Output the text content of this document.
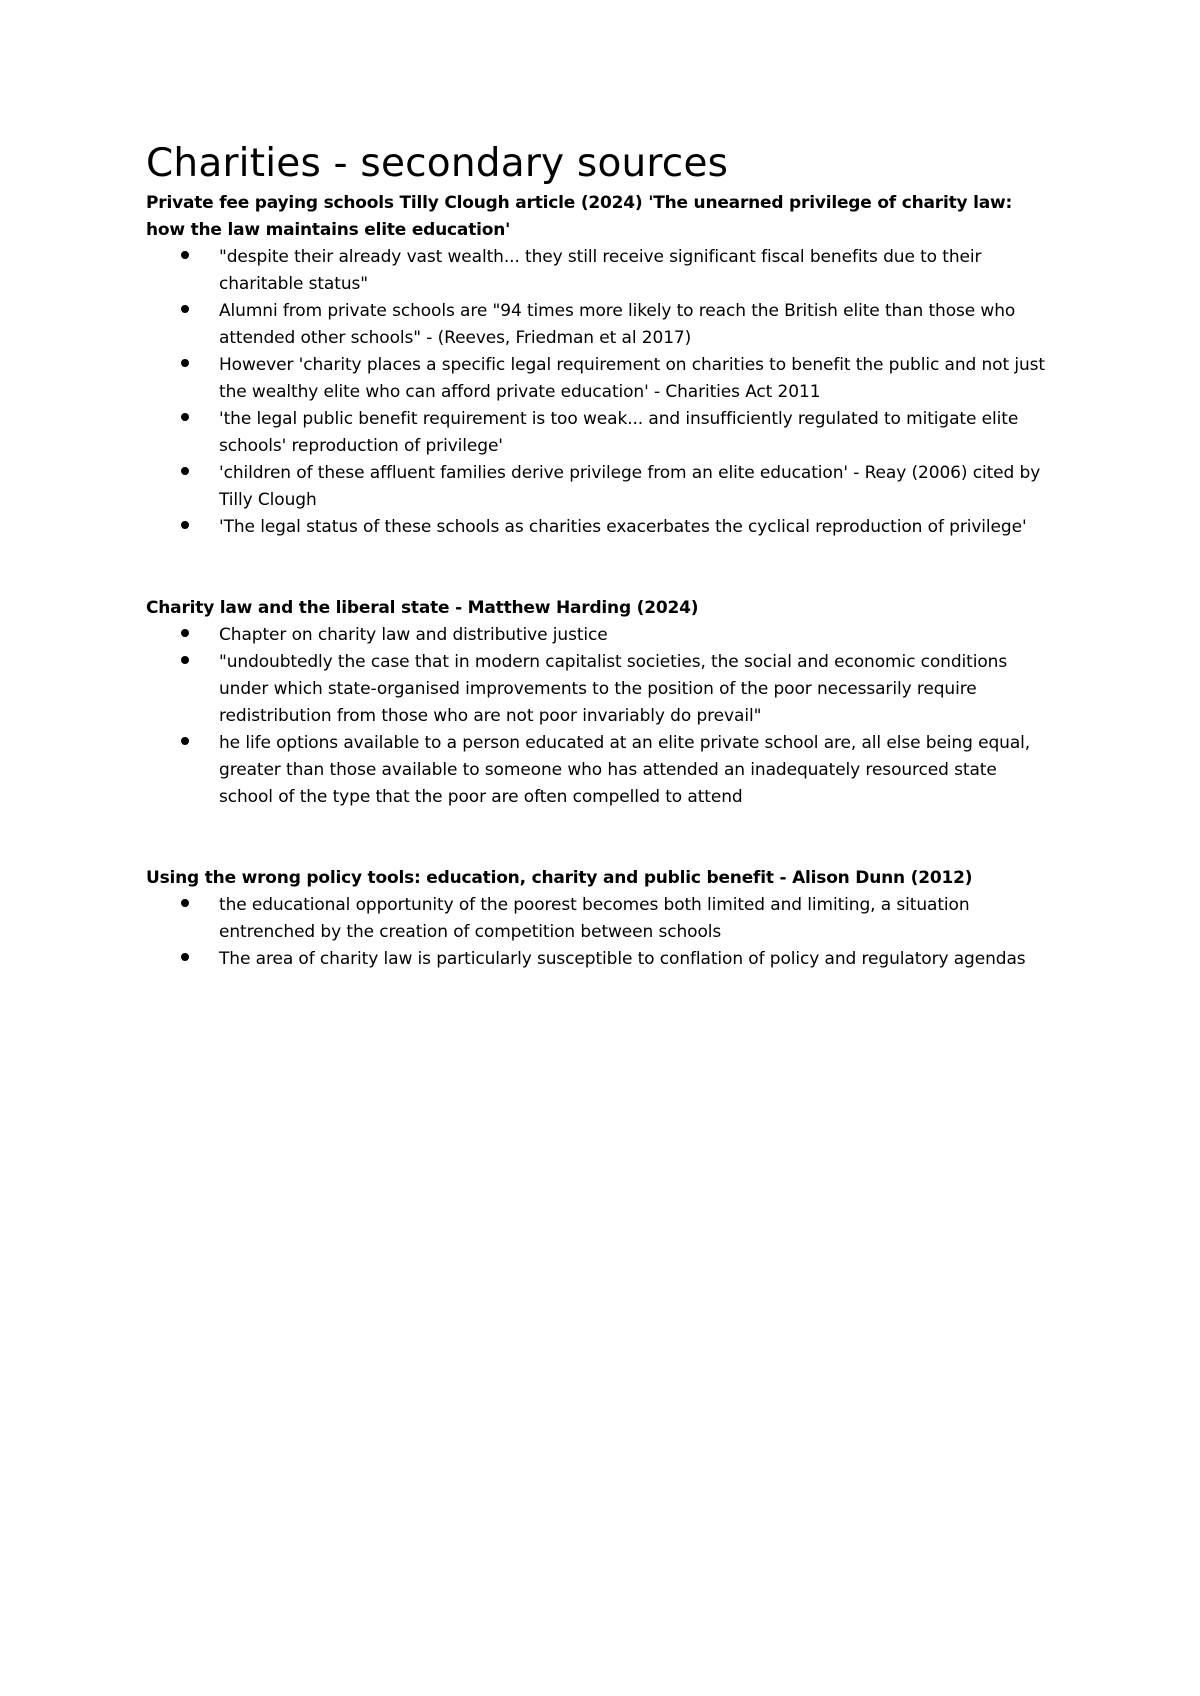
Charities - secondary sources
Private fee paying schools Tilly Clough article (2024) 'The unearned privilege of charity law: how the law maintains elite education'
"despite their already vast wealth... they still receive significant fiscal benefits due to their charitable status"
Alumni from private schools are "94 times more likely to reach the British elite than those who attended other schools" - (Reeves, Friedman et al 2017)
However 'charity places a specific legal requirement on charities to benefit the public and not just the wealthy elite who can afford private education' - Charities Act 2011
'the legal public benefit requirement is too weak... and insufficiently regulated to mitigate elite schools' reproduction of privilege'
'children of these affluent families derive privilege from an elite education' - Reay (2006) cited by Tilly Clough
'The legal status of these schools as charities exacerbates the cyclical reproduction of privilege'
Charity law and the liberal state - Matthew Harding (2024)
Chapter on charity law and distributive justice
"undoubtedly the case that in modern capitalist societies, the social and economic conditions under which state-organised improvements to the position of the poor necessarily require redistribution from those who are not poor invariably do prevail"
he life options available to a person educated at an elite private school are, all else being equal, greater than those available to someone who has attended an inadequately resourced state school of the type that the poor are often compelled to attend
Using the wrong policy tools: education, charity and public benefit - Alison Dunn (2012)
the educational opportunity of the poorest becomes both limited and limiting, a situation entrenched by the creation of competition between schools
The area of charity law is particularly susceptible to conflation of policy and regulatory agendas
